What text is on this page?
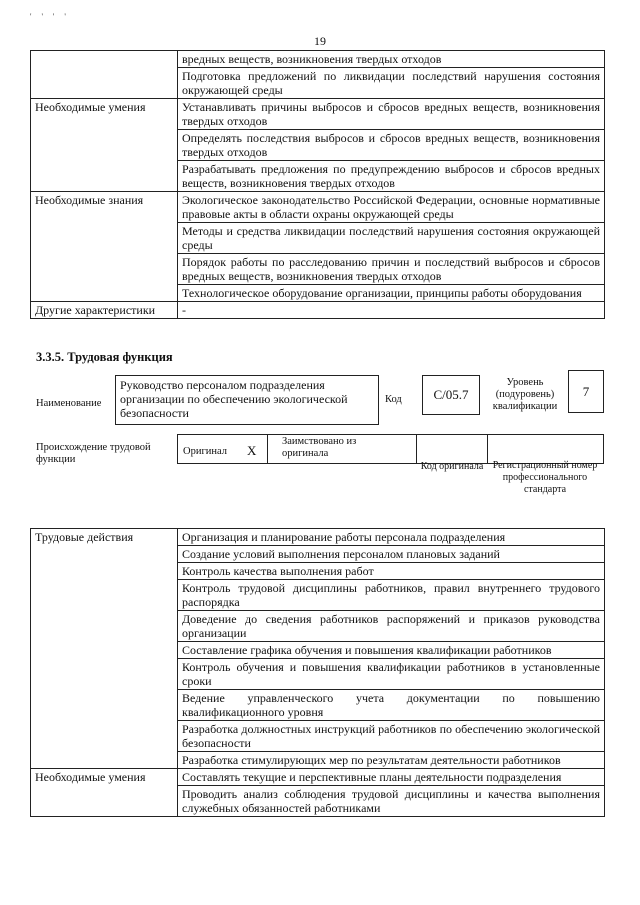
' ' ' '
19
	вредных веществ, возникновения твердых отходов
	Подготовка предложений по ликвидации последствий нарушения состояния окружающей среды
Необходимые умения	Устанавливать причины выбросов и сбросов вредных веществ, возникновения твердых отходов
	Определять последствия выбросов и сбросов вредных веществ, возникновения твердых отходов
	Разрабатывать предложения по предупреждению выбросов и сбросов вредных веществ, возникновения твердых отходов
Необходимые знания	Экологическое законодательство Российской Федерации, основные нормативные правовые акты в области охраны окружающей среды
	Методы и средства ликвидации последствий нарушения состояния окружающей среды
	Порядок работы по расследованию причин и последствий выбросов и сбросов вредных веществ, возникновения твердых отходов
	Технологическое оборудование организации, принципы работы оборудования
Другие характеристики	-
3.3.5. Трудовая функция
Наименование
Руководство персоналом подразделения организации по обеспечению экологической безопасности
Код С/05.7
Уровень (подуровень) квалификации
7
Происхождение трудовой функции
Оригинал X
Заимствовано из оригинала
Код оригинала Регистрационный номер профессионального стандарта
Трудовые действия	Организация и планирование работы персонала подразделения
	Создание условий выполнения персоналом плановых заданий
	Контроль качества выполнения работ
	Контроль трудовой дисциплины работников, правил внутреннего трудового распорядка
	Доведение до сведения работников распоряжений и приказов руководства организации
	Составление графика обучения и повышения квалификации работников
	Контроль обучения и повышения квалификации работников в установленные сроки
	Ведение управленческого учета документации по повышению квалификационного уровня
	Разработка должностных инструкций работников по обеспечению экологической безопасности
	Разработка стимулирующих мер по результатам деятельности работников
Необходимые умения	Составлять текущие и перспективные планы деятельности подразделения
	Проводить анализ соблюдения трудовой дисциплины и качества выполнения служебных обязанностей работниками
